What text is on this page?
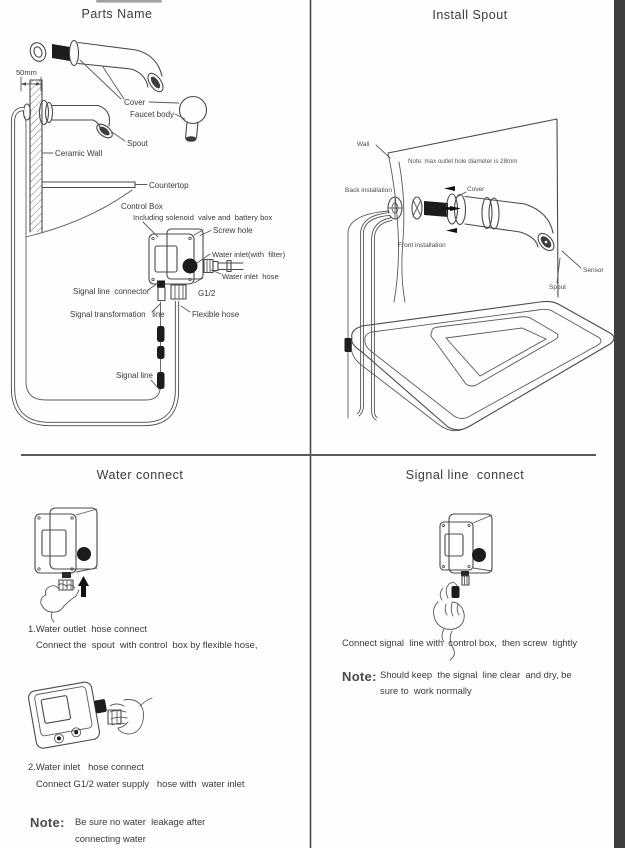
Parts Name
Cover
Faucet body
50mm
Ceramic Wall
Spout
Countertop
Control Box
Including solenoid  valve and  battery box
Screw hole
Water inlet(with  filter)
Water inlet  hose
Signal line  connector	G1/2
Signal transformation   line	Flexible hose
Signal line
Install Spout
Wall
Note: max outlet hole diameter is 28mm
Back installation	Cover
Front installation
Sensor
Spout
Water connect
1.Water outlet  hose connect
Connect the  spout  with control  box by flexible hose,
2.Water inlet   hose connect
Connect G1/2 water supply   hose with  water inlet
Note: Be sure no water  leakage after
connecting water
Signal line  connect
Connect signal  line with  control box,  then screw  tightly
Note: Should keep  the signal  line clear  and dry, be
sure to  work normally
